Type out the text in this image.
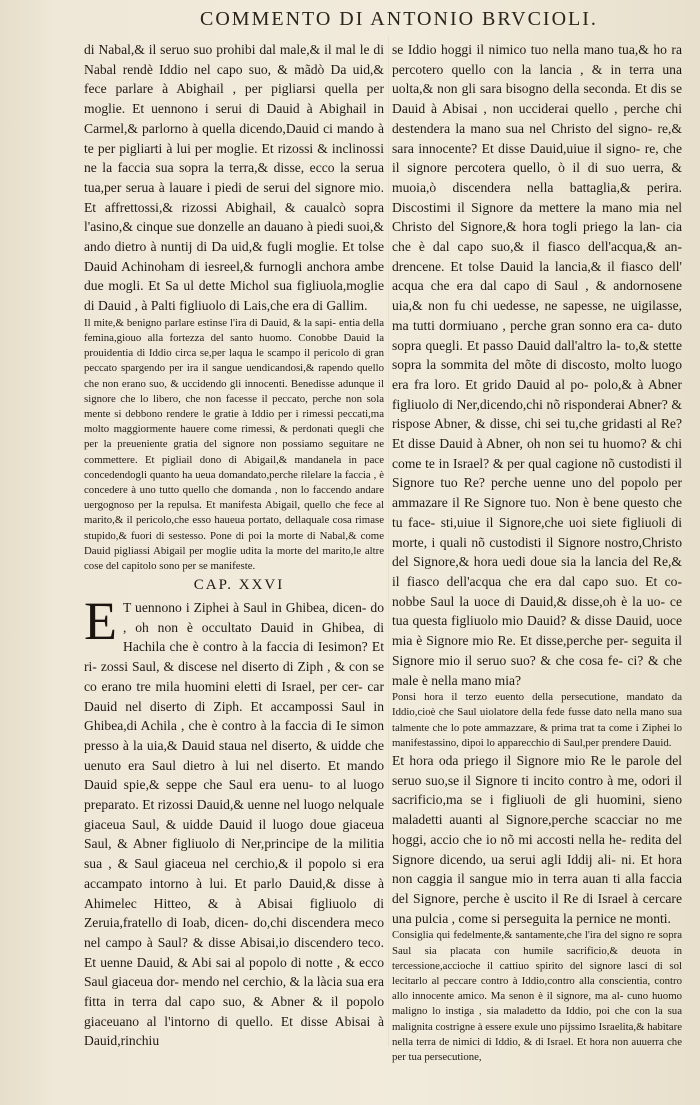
COMMENTO DI ANTONIO BRVCIOLI.

di Nabal,& il seruo suo prohibi dal male,& il mal le di Nabal rendè Iddio nel capo suo, & mãdò Da uid,& fece parlare à Abighail , per pigliarsi quella per moglie. Et uennono i serui di Dauid à Abighail in Carmel,& parlorno à quella dicendo,Dauid ci mando à te per pigliarti à lui per moglie. Et rizossi & inclinossi ne la faccia sua sopra la terra,& disse, ecco la serua tua,per serua à lauare i piedi de serui del signore mio. Et affrettossi,& rizossi Abighail, & caualcò sopra l'asino,& cinque sue donzelle an dauano à piedi suoi,& ando dietro à nuntij di Da uid,& fugli moglie. Et tolse Dauid Achinoham di iesreel,& furnogli anchora ambe due mogli. Et Sa ul dette Michol sua figliuola,moglie di Dauid , à Palti figliuolo di Lais,che era di Gallim.

Il mite,& benigno parlare estinse l'ira di Dauid, & la sapi- entia della femina,giouo alla fortezza del santo huomo. Conobbe Dauid la prouidentia di Iddio circa se,per laqua le scampo il pericolo di gran peccato spargendo per ira il sangue uendicandosi,& rapendo quello che non erano suo, & uccidendo gli innocenti. Benedisse adunque il signore che lo libero, che non facesse il peccato, perche non sola mente si debbono rendere le gratie à Iddio per i rimessi peccati,ma molto maggiormente hauere come rimessi, & perdonati quegli che per la preueniente gratia del signore non possiamo seguitare ne commettere. Et pigliail dono di Abigail,& mandanela in pace concedendogli quanto ha ueua domandato,perche rilelare la faccia , è concedere à uno tutto quello che domanda , non lo faccendo andare uergognoso per la repulsa. Et manifesta Abigail, quello che fece al marito,& il pericolo,che esso haueua portato, dellaquale cosa rimase stupido,& fuori di sestesso. Pone di poi la morte di Nabal,& come Dauid pigliassi Abigail per moglie udita la morte del marito,le altre cose del capitolo sono per se manifeste.

CAP. XXVI

E T uennono i Ziphei à Saul in Ghibea, dicen- do , oh non è occultato Dauid in Ghibea, di Hachila che è contro à la faccia di Iesimon? Et ri- zossi Saul, & discese nel diserto di Ziph , & con se co erano tre mila huomini eletti di Israel, per cer- car Dauid nel diserto di Ziph. Et accampossi Saul in Ghibea,di Achila , che è contro à la faccia di Ie simon presso à la uia,& Dauid staua nel diserto, & uidde che uenuto era Saul dietro à lui nel diserto. Et mando Dauid spie,& seppe che Saul era uenu- to al luogo preparato. Et rizossi Dauid,& uenne nel luogo nelquale giaceua Saul, & uidde Dauid il luogo doue giaceua Saul, & Abner figliuolo di Ner,principe de la militia sua , & Saul giaceua nel cerchio,& il popolo si era accampato intorno à lui. Et parlo Dauid,& disse à Ahimelec Hitteo, & à Abisai figliuolo di Zeruia,fratello di Ioab, dicen- do,chi discendera meco nel campo à Saul? & disse Abisai,io discendero teco. Et uenne Dauid, & Abi sai al popolo di notte , & ecco Saul giaceua dor- mendo nel cerchio, & la làcia sua era fitta in terra dal capo suo, & Abner & il popolo giaceuano al l'intorno di quello. Et disse Abisai à Dauid,rinchiu

se Iddio hoggi il nimico tuo nella mano tua,& ho ra percotero quello con la lancia , & in terra una uolta,& non gli sara bisogno della seconda. Et dis se Dauid à Abisai , non ucciderai quello , perche chi destendera la mano sua nel Christo del signo- re,& sara innocente? Et disse Dauid,uiue il signo- re, che il signore percotera quello, ò il di suo uerra, & muoia,ò discendera nella battaglia,& perira. Discostimi il Signore da mettere la mano mia nel Christo del Signore,& hora togli priego la lan- cia che è dal capo suo,& il fiasco dell'acqua,& an- drencene. Et tolse Dauid la lancia,& il fiasco dell' acqua che era dal capo di Saul , & andornosene uia,& non fu chi uedesse, ne sapesse, ne uigilasse, ma tutti dormiuano , perche gran sonno era ca- duto sopra quegli. Et passo Dauid dall'altro la- to,& stette sopra la sommita del mõte di discosto, molto luogo era fra loro. Et grido Dauid al po- polo,& à Abner figliuolo di Ner,dicendo,chi nõ risponderai Abner? & rispose Abner, & disse, chi sei tu,che gridasti al Re? Et disse Dauid à Abner, oh non sei tu huomo? & chi come te in Israel? & per qual cagione nõ custodisti il Signore tuo Re? perche uenne uno del popolo per ammazare il Re Signore tuo. Non è bene questo che tu face- sti,uiue il Signore,che uoi siete figliuoli di morte, i quali nõ custodisti il Signore nostro,Christo del Signore,& hora uedi doue sia la lancia del Re,& il fiasco dell'acqua che era dal capo suo. Et co- nobbe Saul la uoce di Dauid,& disse,oh è la uo- ce tua questa figliuolo mio Dauid? & disse Dauid, uoce mia è Signore mio Re. Et disse,perche per- seguita il Signore mio il seruo suo? & che cosa fe- ci? & che male è nella mano mia?

Ponsi hora il terzo euento della persecutione, mandato da Iddio,cioè che Saul uiolatore della fede fusse dato nella mano sua talmente che lo pote ammazzare, & prima trat ta come i Ziphei lo manifestassino, dipoi lo apparecchio di Saul,per prendere Dauid.

Et hora oda priego il Signore mio Re le parole del seruo suo,se il Signore ti incito contro à me, odori il sacrificio,ma se i figliuoli de gli huomini, sieno maladetti auanti al Signore,perche scacciar no me hoggi, accio che io nõ mi accosti nella he- redita del Signore dicendo, ua serui agli Iddij ali- ni. Et hora non caggia il sangue mio in terra auan ti alla faccia del Signore, perche è uscito il Re di Israel à cercare una pulcia , come si perseguita la pernice ne monti.

Consiglia qui fedelmente,& santamente,che l'ira del signo re sopra Saul sia placata con humile sacrificio,& deuota in tercessione,accioche il cattiuo spirito del signore lasci di sol lecitarlo al peccare contro à Iddio,contro alla conscientia, contro allo innocente amico. Ma senon è il signore, ma al- cuno huomo maligno lo instiga , sia maladetto da Iddio, poi che con la sua malignita costrigne à essere exule uno pijssimo Israelita,& habitare nella terra de nimici di Iddio, & di Israel. Et hora non auuerra che per tua persecutione,
